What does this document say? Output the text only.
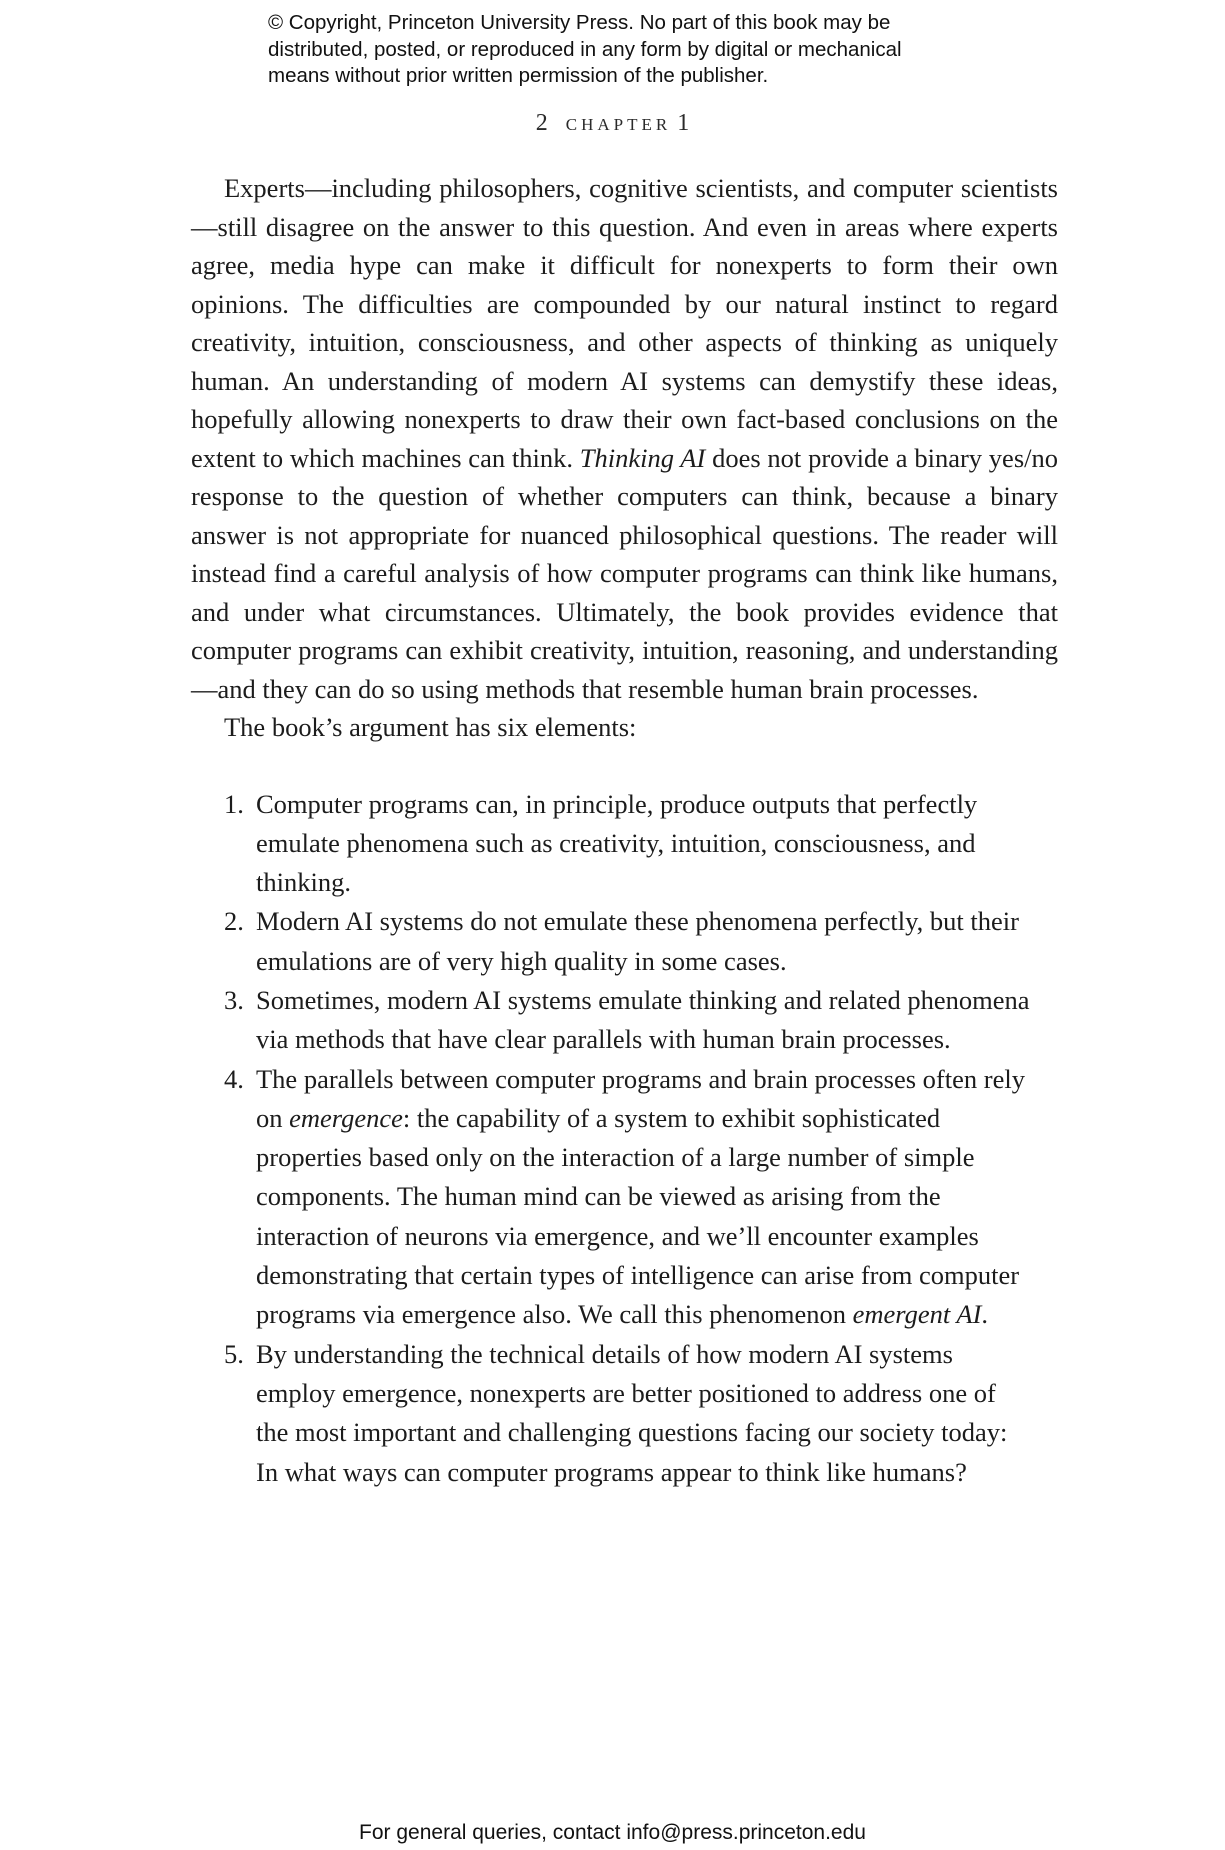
© Copyright, Princeton University Press. No part of this book may be
distributed, posted, or reproduced in any form by digital or mechanical
means without prior written permission of the publisher.
2 chapter 1

Experts—including philosophers, cognitive scientists, and computer scientists—still disagree on the answer to this question. And even in areas where experts agree, media hype can make it difficult for nonexperts to form their own opinions. The difficulties are compounded by our natural instinct to regard creativity, intuition, consciousness, and other aspects of thinking as uniquely human. An understanding of modern AI systems can demystify these ideas, hopefully allowing nonexperts to draw their own fact-based conclusions on the extent to which machines can think. Thinking AI does not provide a binary yes/no response to the question of whether computers can think, because a binary answer is not appropriate for nuanced philosophical questions. The reader will instead find a careful analysis of how computer programs can think like humans, and under what circumstances. Ultimately, the book provides evidence that computer programs can exhibit creativity, intuition, reasoning, and understanding—and they can do so using methods that resemble human brain processes.

The book’s argument has six elements:

1. Computer programs can, in principle, produce outputs that perfectly emulate phenomena such as creativity, intuition, consciousness, and thinking.
2. Modern AI systems do not emulate these phenomena perfectly, but their emulations are of very high quality in some cases.
3. Sometimes, modern AI systems emulate thinking and related phenomena via methods that have clear parallels with human brain processes.
4. The parallels between computer programs and brain processes often rely on emergence: the capability of a system to exhibit sophisticated properties based only on the interaction of a large number of simple components. The human mind can be viewed as arising from the interaction of neurons via emergence, and we’ll encounter examples demonstrating that certain types of intelligence can arise from computer programs via emergence also. We call this phenomenon emergent AI.
5. By understanding the technical details of how modern AI systems employ emergence, nonexperts are better positioned to address one of the most important and challenging questions facing our society today: In what ways can computer programs appear to think like humans?
For general queries, contact info@press.princeton.edu
